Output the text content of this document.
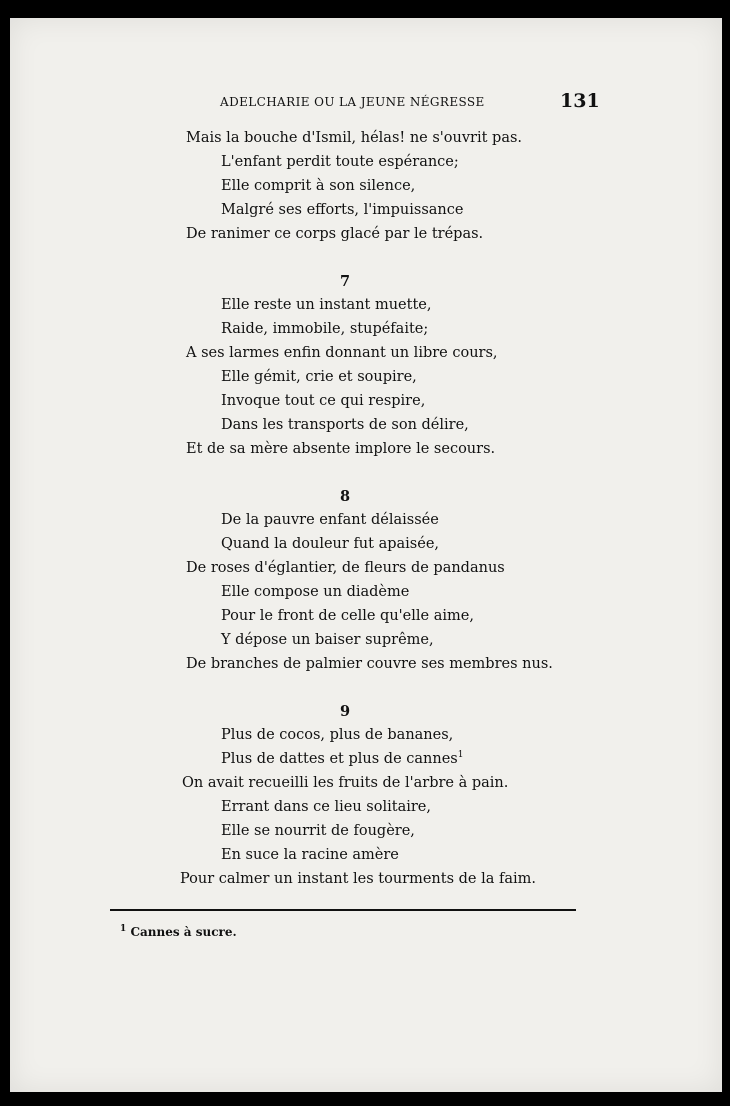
ADELCHARIE OU LA JEUNE NÉGRESSE	131
Mais la bouche d'Ismil, hélas! ne s'ouvrit pas.
L'enfant perdit toute espérance;
Elle comprit à son silence,
Malgré ses efforts, l'impuissance
De ranimer ce corps glacé par le trépas.
7
Elle reste un instant muette,
Raide, immobile, stupéfaite;
A ses larmes enfin donnant un libre cours,
Elle gémit, crie et soupire,
Invoque tout ce qui respire,
Dans les transports de son délire,
Et de sa mère absente implore le secours.
8
De la pauvre enfant délaissée
Quand la douleur fut apaisée,
De roses d'églantier, de fleurs de pandanus
Elle compose un diadème
Pour le front de celle qu'elle aime,
Y dépose un baiser suprême,
De branches de palmier couvre ses membres nus.
9
Plus de cocos, plus de bananes,
Plus de dattes et plus de cannes$^1$
On avait recueilli les fruits de l'arbre à pain.
Errant dans ce lieu solitaire,
Elle se nourrit de fougère,
En suce la racine amère
Pour calmer un instant les tourments de la faim.
$^1$ Cannes à sucre.
